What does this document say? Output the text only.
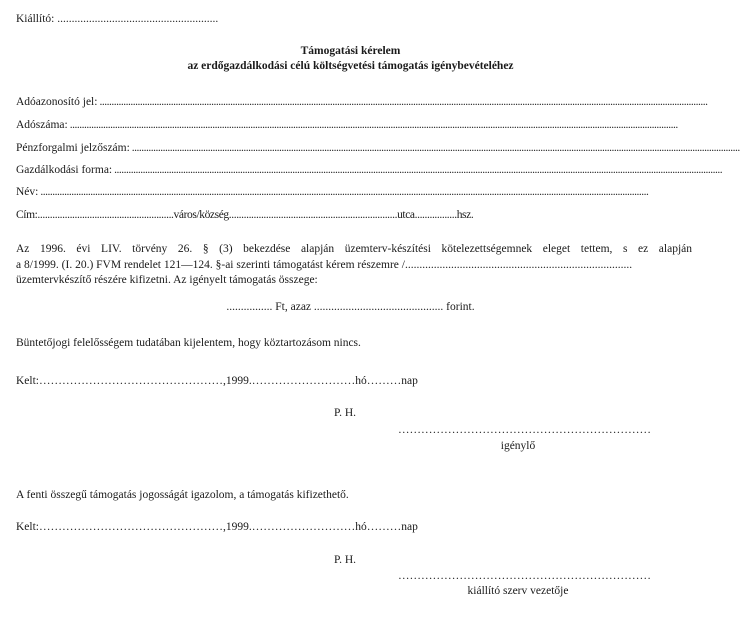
Kiállító: ........................................................
Támogatási kérelem
az erdőgazdálkodási célú költségvetési támogatás igénybevételéhez
Adóazonosító jel: ................................................................................................................................................................................................................................................................
Adószáma: ................................................................................................................................................................................................................................................................
Pénzforgalmi jelzőszám: ................................................................................................................................................................................................................................................................
Gazdálkodási forma: ................................................................................................................................................................................................................................................................
Név: ................................................................................................................................................................................................................................................................
Cím:.......................................................város/község....................................................................utca.................hsz.
Az 1996. évi LIV. törvény 26. § (3) bekezdése alapján üzemterv-készítési kötelezettségemnek eleget tettem, s ez alapján
a 8/1999. (I. 20.) FVM rendelet 121—124. §-ai szerinti támogatást kérem részemre /...............................................................................
üzemtervkészítő részére kifizetni. Az igényelt támogatás összege:
................ Ft, azaz ............................................. forint.
Büntetőjogi felelősségem tudatában kijelentem, hogy köztartozásom nincs.
Kelt:…………………………………………,1999.………………………hó………nap
P. H.
…………………………………………………………
igénylő
A fenti összegű támogatás jogosságát igazolom, a támogatás kifizethető.
Kelt:…………………………………………,1999.………………………hó………nap
P. H.
…………………………………………………………
kiállító szerv vezetője
